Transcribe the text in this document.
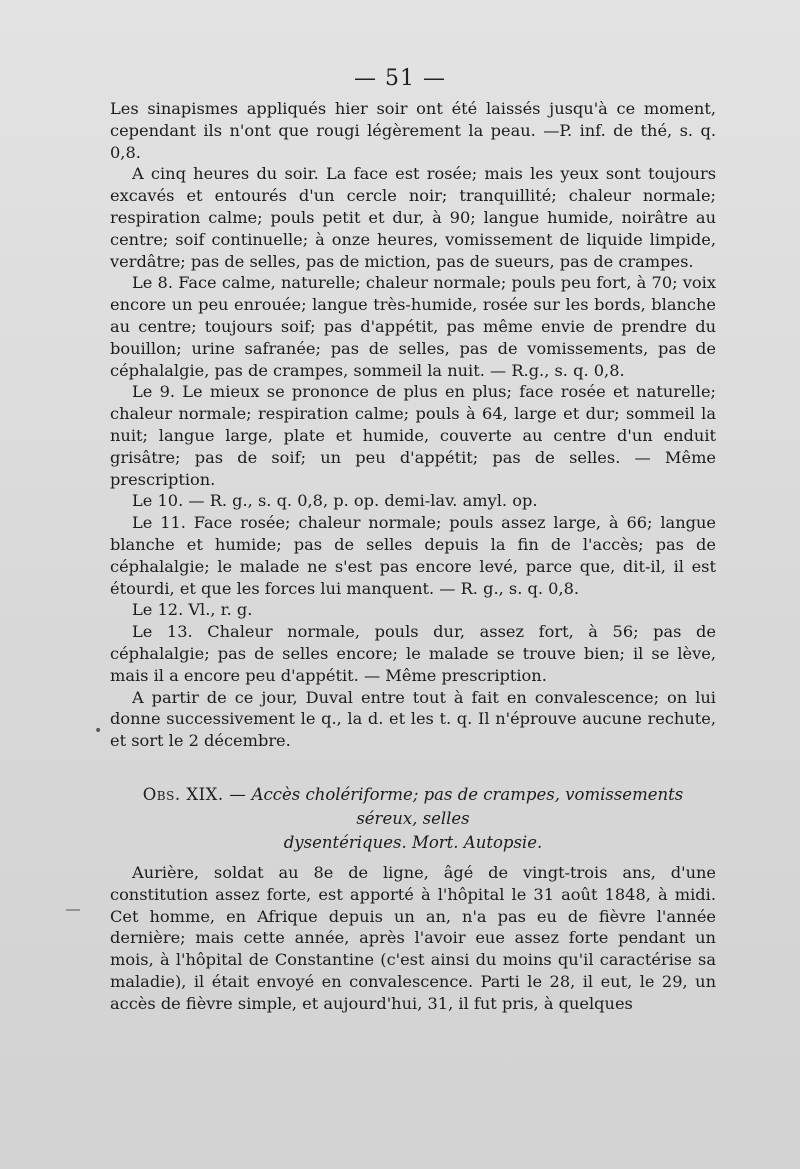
— 51 —

Les sinapismes appliqués hier soir ont été laissés jusqu'à ce moment, cependant ils n'ont que rougi légèrement la peau. —P. inf. de thé, s. q. 0,8.

A cinq heures du soir. La face est rosée; mais les yeux sont toujours excavés et entourés d'un cercle noir; tranquillité; chaleur normale; respiration calme; pouls petit et dur, à 90; langue humide, noirâtre au centre; soif continuelle; à onze heures, vomissement de liquide limpide, verdâtre; pas de selles, pas de miction, pas de sueurs, pas de crampes.

Le 8. Face calme, naturelle; chaleur normale; pouls peu fort, à 70; voix encore un peu enrouée; langue très-humide, rosée sur les bords, blanche au centre; toujours soif; pas d'appétit, pas même envie de prendre du bouillon; urine safranée; pas de selles, pas de vomissements, pas de céphalalgie, pas de crampes, sommeil la nuit. — R.g., s. q. 0,8.

Le 9. Le mieux se prononce de plus en plus; face rosée et naturelle; chaleur normale; respiration calme; pouls à 64, large et dur; sommeil la nuit; langue large, plate et humide, couverte au centre d'un enduit grisâtre; pas de soif; un peu d'appétit; pas de selles. — Même prescription.

Le 10. — R. g., s. q. 0,8, p. op. demi-lav. amyl. op.

Le 11. Face rosée; chaleur normale; pouls assez large, à 66; langue blanche et humide; pas de selles depuis la fin de l'accès; pas de céphalalgie; le malade ne s'est pas encore levé, parce que, dit-il, il est étourdi, et que les forces lui manquent. — R. g., s. q. 0,8.

Le 12. Vl., r. g.

Le 13. Chaleur normale, pouls dur, assez fort, à 56; pas de céphalalgie; pas de selles encore; le malade se trouve bien; il se lève, mais il a encore peu d'appétit. — Même prescription.

A partir de ce jour, Duval entre tout à fait en convalescence; on lui donne successivement le q., la d. et les t. q. Il n'éprouve aucune rechute, et sort le 2 décembre.

Obs. XIX. — Accès cholériforme; pas de crampes, vomissements séreux, selles
dysentériques. Mort. Autopsie.

Aurière, soldat au 8e de ligne, âgé de vingt-trois ans, d'une constitution assez forte, est apporté à l'hôpital le 31 août 1848, à midi. Cet homme, en Afrique depuis un an, n'a pas eu de fièvre l'année dernière; mais cette année, après l'avoir eue assez forte pendant un mois, à l'hôpital de Constantine (c'est ainsi du moins qu'il caractérise sa maladie), il était envoyé en convalescence. Parti le 28, il eut, le 29, un accès de fièvre simple, et aujourd'hui, 31, il fut pris, à quelques

•
―
